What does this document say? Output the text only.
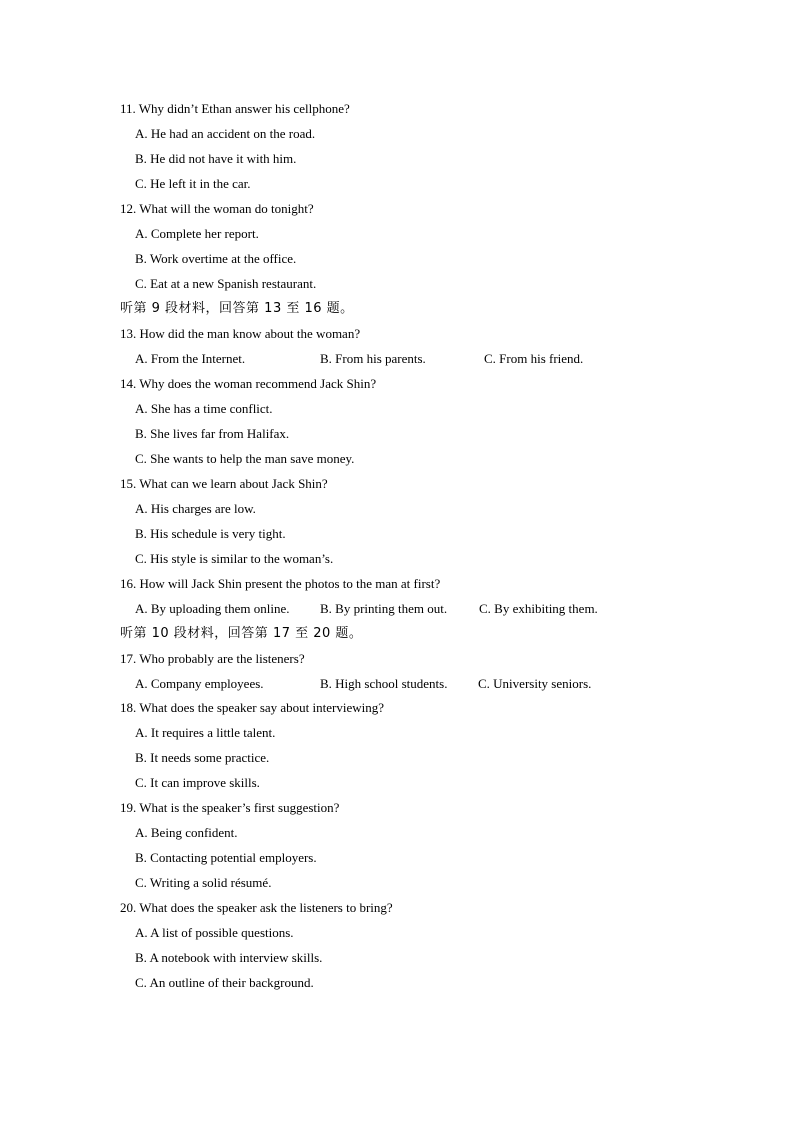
11. Why didn’t Ethan answer his cellphone?
A. He had an accident on the road.
B. He did not have it with him.
C. He left it in the car.
12. What will the woman do tonight?
A. Complete her report.
B. Work overtime at the office.
C. Eat at a new Spanish restaurant.
听第 9 段材料，回答第 13 至 16 题。
13. How did the man know about the woman?
A. From the Internet.	B. From his parents.	C. From his friend.
14. Why does the woman recommend Jack Shin?
A. She has a time conflict.
B. She lives far from Halifax.
C. She wants to help the man save money.
15. What can we learn about Jack Shin?
A. His charges are low.
B. His schedule is very tight.
C. His style is similar to the woman’s.
16. How will Jack Shin present the photos to the man at first?
A. By uploading them online. B. By printing them out. C. By exhibiting them.
听第 10 段材料，回答第 17 至 20 题。
17. Who probably are the listeners?
A. Company employees.	B. High school students. C. University seniors.
18. What does the speaker say about interviewing?
A. It requires a little talent.
B. It needs some practice.
C. It can improve skills.
19. What is the speaker’s first suggestion?
A. Being confident.
B. Contacting potential employers.
C. Writing a solid résumé.
20. What does the speaker ask the listeners to bring?
A. A list of possible questions.
B. A notebook with interview skills.
C. An outline of their background.
